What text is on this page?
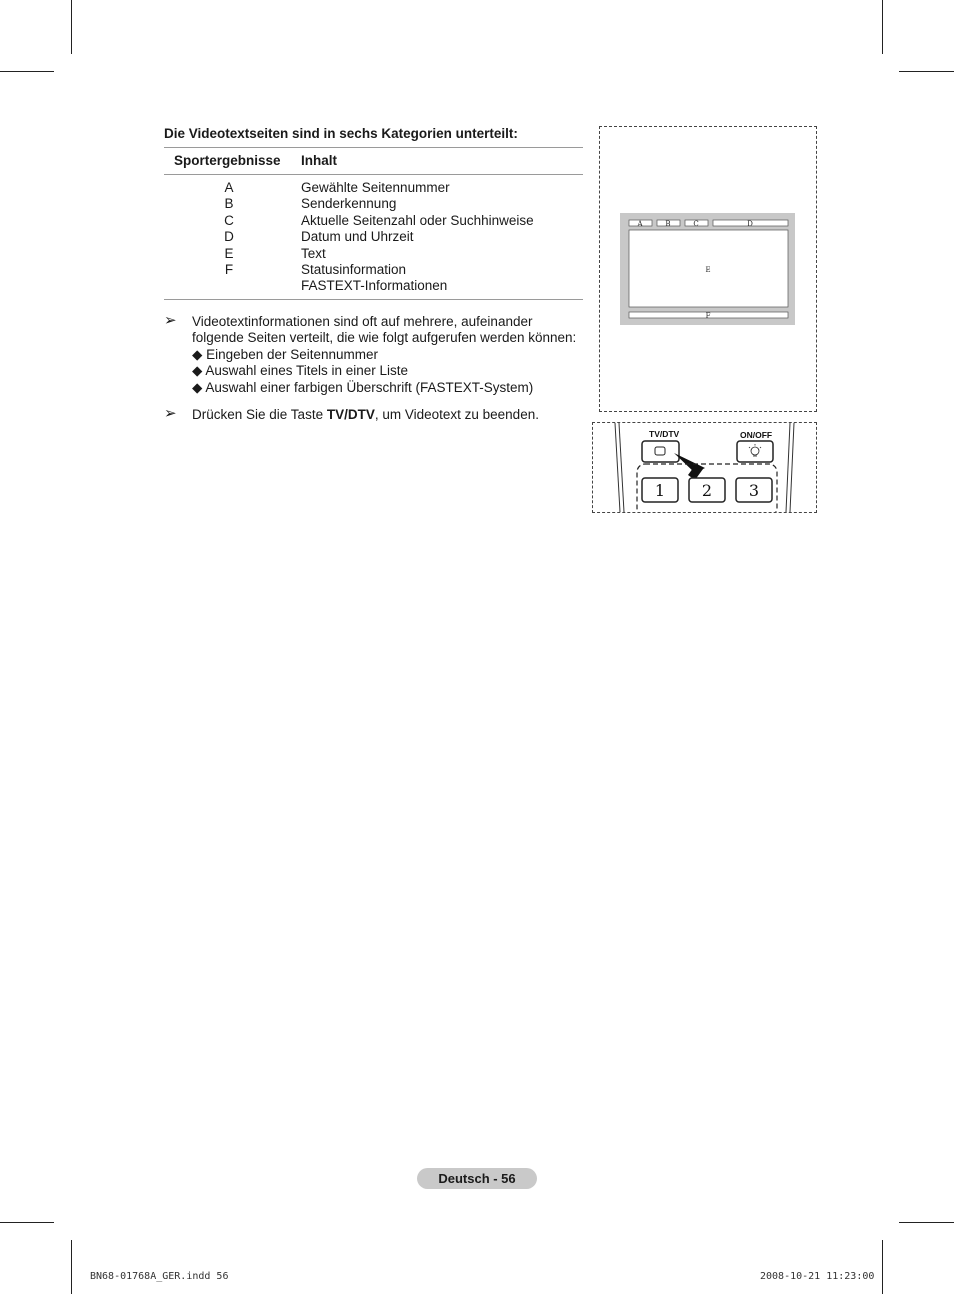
Die Videotextseiten sind in sechs Kategorien unterteilt:
Sportergebnisse Inhalt
A	Gewählte Seitennummer
B	Senderkennung
C	Aktuelle Seitenzahl oder Suchhinweise
D	Datum und Uhrzeit
E	Text
F	Statusinformation
FASTEXT-Informationen
➢ Videotextinformationen sind oft auf mehrere, aufeinander
folgende Seiten verteilt, die wie folgt aufgerufen werden können:
◆ Eingeben der Seitennummer
◆ Auswahl eines Titels in einer Liste
◆ Auswahl einer farbigen Überschrift (FASTEXT-System)
➢ Drücken Sie die Taste TV/DTV, um Videotext zu beenden.
A	B	C	D
E
F
TV/DTV	ON/OFF
1 2 3
Deutsch - 56
BN68-01768A_GER.indd 56	2008-10-21 11:23:00
